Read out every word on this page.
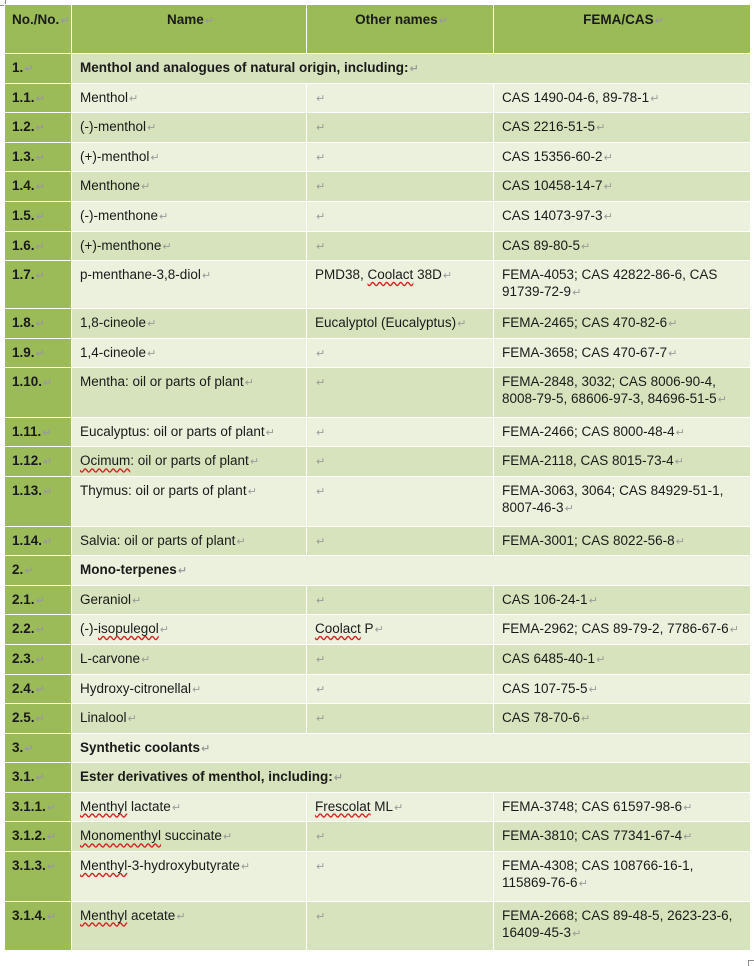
No./No.↵	Name↵	Other names↵	FEMA/CAS↵
1.↵	Menthol and analogues of natural origin, including:↵		
1.1.↵	Menthol↵	↵	CAS 1490-04-6, 89-78-1↵
1.2.↵	(-)-menthol↵	↵	CAS 2216-51-5↵
1.3.↵	(+)-menthol↵	↵	CAS 15356-60-2↵
1.4.↵	Menthone↵	↵	CAS 10458-14-7↵
1.5.↵	(-)-menthone↵	↵	CAS 14073-97-3↵
1.6.↵	(+)-menthone↵	↵	CAS 89-80-5↵
1.7.↵	p-menthane-3,8-diol↵	PMD38, Coolact 38D↵	FEMA-4053; CAS 42822-86-6, CAS 91739-72-9↵
1.8.↵	1,8-cineole↵	Eucalyptol (Eucalyptus)↵	FEMA-2465; CAS 470-82-6↵
1.9.↵	1,4-cineole↵	↵	FEMA-3658; CAS 470-67-7↵
1.10.↵	Mentha: oil or parts of plant↵	↵	FEMA-2848, 3032; CAS 8006-90-4, 8008-79-5, 68606-97-3, 84696-51-5↵
1.11.↵	Eucalyptus: oil or parts of plant↵	↵	FEMA-2466; CAS 8000-48-4↵
1.12.↵	Ocimum: oil or parts of plant↵	↵	FEMA-2118, CAS 8015-73-4↵
1.13.↵	Thymus: oil or parts of plant↵	↵	FEMA-3063, 3064; CAS 84929-51-1, 8007-46-3↵
1.14.↵	Salvia: oil or parts of plant↵	↵	FEMA-3001; CAS 8022-56-8↵
2.↵	Mono-terpenes↵		
2.1.↵	Geraniol↵	↵	CAS 106-24-1↵
2.2.↵	(-)-isopulegol↵	Coolact P↵	FEMA-2962; CAS 89-79-2, 7786-67-6↵
2.3.↵	L-carvone↵	↵	CAS 6485-40-1↵
2.4.↵	Hydroxy-citronellal↵	↵	CAS 107-75-5↵
2.5.↵	Linalool↵	↵	CAS 78-70-6↵
3.↵	Synthetic coolants↵		
3.1.↵	Ester derivatives of menthol, including:↵		
3.1.1.↵	Menthyl lactate↵	Frescolat ML↵	FEMA-3748; CAS 61597-98-6↵
3.1.2.↵	Monomenthyl succinate↵	↵	FEMA-3810; CAS 77341-67-4↵
3.1.3.↵	Menthyl-3-hydroxybutyrate↵	↵	FEMA-4308; CAS 108766-16-1, 115869-76-6↵
3.1.4.↵	Menthyl acetate↵	↵	FEMA-2668; CAS 89-48-5, 2623-23-6, 16409-45-3↵
